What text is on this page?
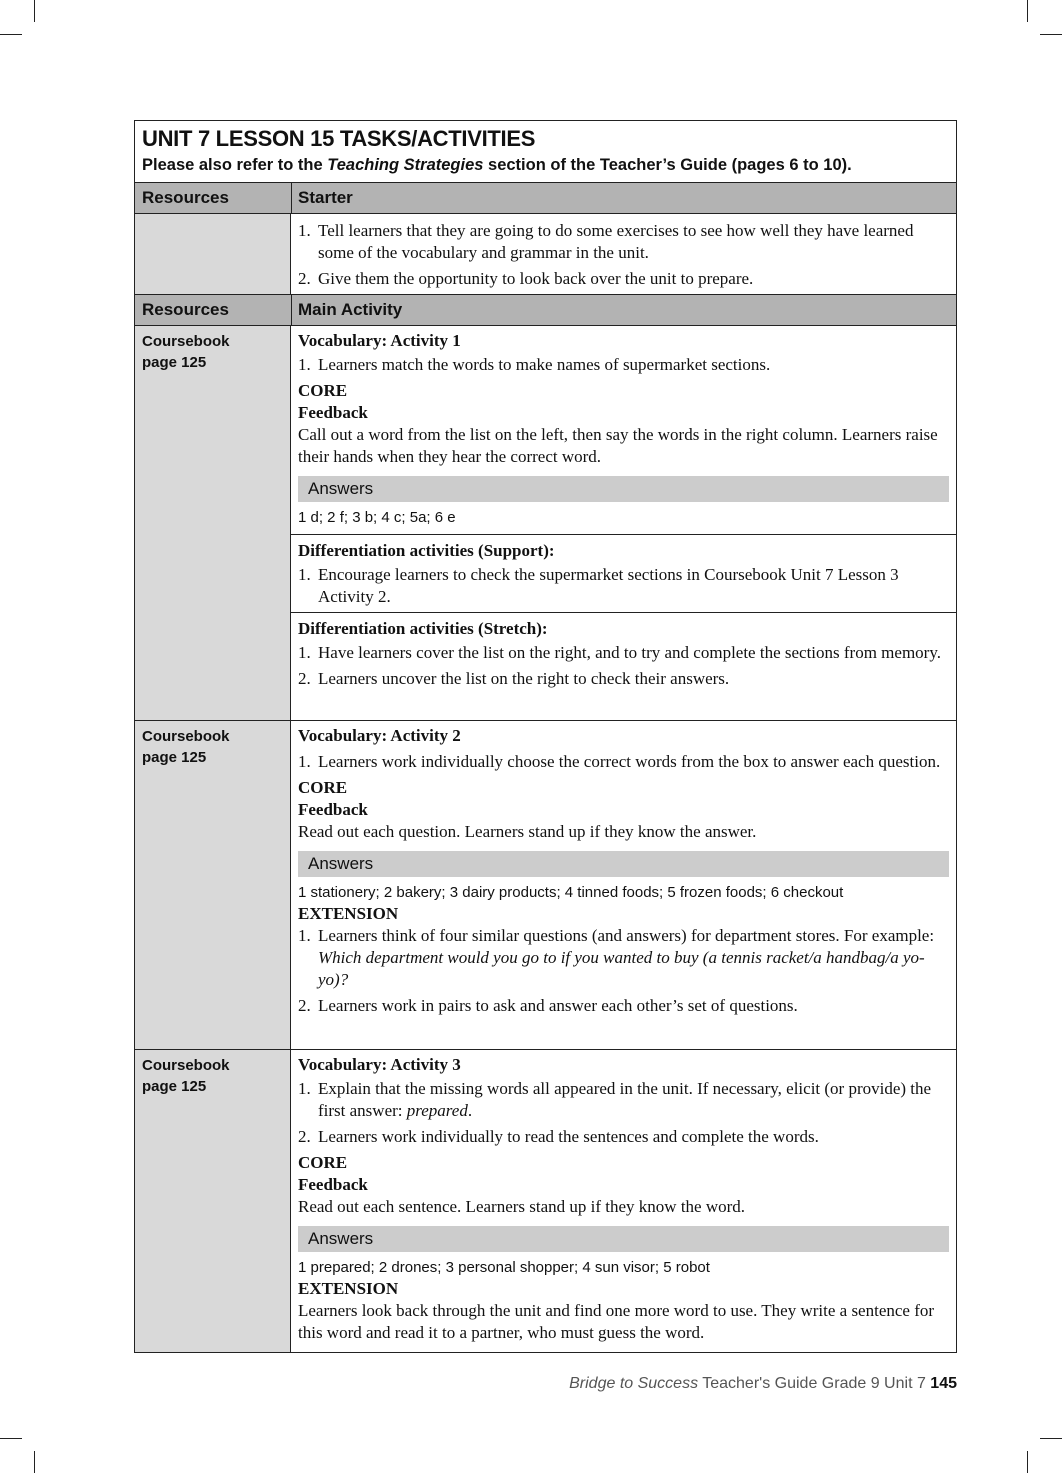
UNIT 7 LESSON 15 TASKS/ACTIVITIES

Please also refer to the Teaching Strategies section of the Teacher’s Guide (pages 6 to 10).

Resources	Starter
1. Tell learners that they are going to do some exercises to see how well they have learned some of the vocabulary and grammar in the unit.
2. Give them the opportunity to look back over the unit to prepare.
Resources	Main Activity
Coursebook
page 125
Vocabulary: Activity 1
1. Learners match the words to make names of supermarket sections.
CORE
Feedback
Call out a word from the list on the left, then say the words in the right column. Learners raise their hands when they hear the correct word.
Answers
1 d; 2 f; 3 b; 4 c; 5a; 6 e
Differentiation activities (Support):
1. Encourage learners to check the supermarket sections in Coursebook Unit 7 Lesson 3 Activity 2.
Differentiation activities (Stretch):
1. Have learners cover the list on the right, and to try and complete the sections from memory.
2. Learners uncover the list on the right to check their answers.
Coursebook
page 125
Vocabulary: Activity 2
1. Learners work individually choose the correct words from the box to answer each question.
CORE
Feedback
Read out each question. Learners stand up if they know the answer.
Answers
1 stationery; 2 bakery; 3 dairy products; 4 tinned foods; 5 frozen foods; 6 checkout
EXTENSION
1. Learners think of four similar questions (and answers) for department stores. For example: Which department would you go to if you wanted to buy (a tennis racket/a handbag/a yo-yo)?
2. Learners work in pairs to ask and answer each other’s set of questions.
Coursebook
page 125
Vocabulary: Activity 3
1. Explain that the missing words all appeared in the unit. If necessary, elicit (or provide) the first answer: prepared.
2. Learners work individually to read the sentences and complete the words.
CORE
Feedback
Read out each sentence. Learners stand up if they know the word.
Answers
1 prepared; 2 drones; 3 personal shopper; 4 sun visor; 5 robot
EXTENSION
Learners look back through the unit and find one more word to use. They write a sentence for this word and read it to a partner, who must guess the word.
Bridge to Success Teacher's Guide Grade 9 Unit 7 145
